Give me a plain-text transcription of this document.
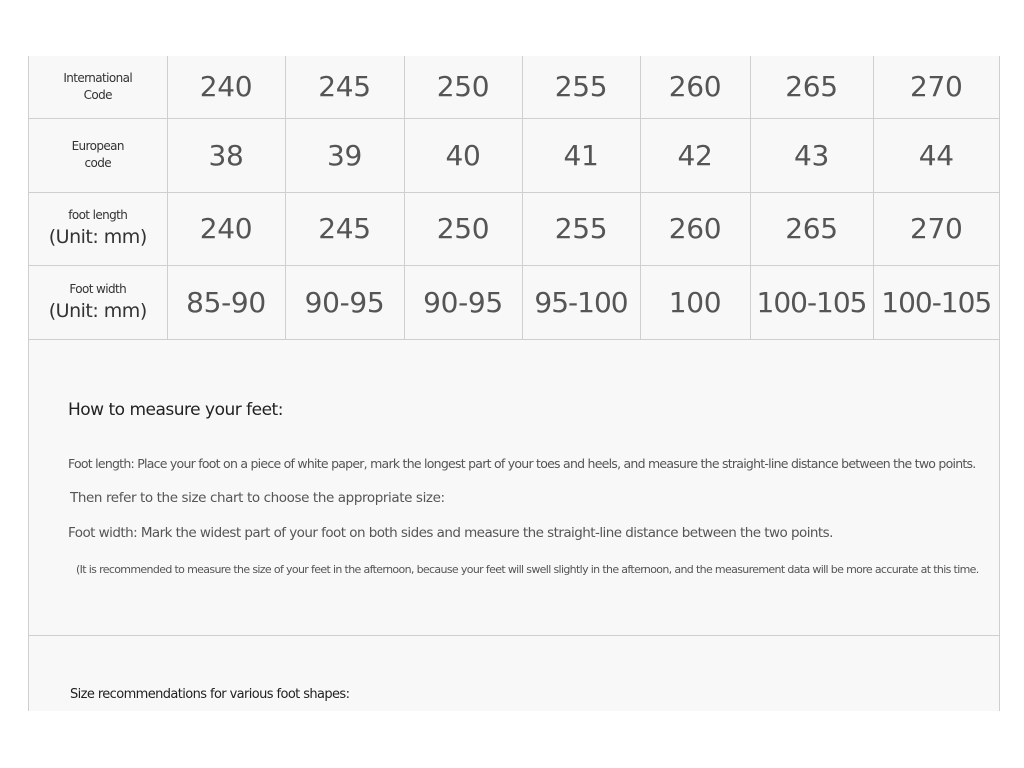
International
Code	240	245	250	255	260	265	270
European
code	38	39	40	41	42	43	44
foot length
(Unit: mm)	240	245	250	255	260	265	270
Foot width
(Unit: mm)	85-90	90-95	90-95	95-100	100	100-105	100-105
How to measure your feet:
Foot length: Place your foot on a piece of white paper, mark the longest part of your toes and heels, and measure the straight-line distance between the two points.
Then refer to the size chart to choose the appropriate size:
Foot width: Mark the widest part of your foot on both sides and measure the straight-line distance between the two points.
(It is recommended to measure the size of your feet in the afternoon, because your feet will swell slightly in the afternoon, and the measurement data will be more accurate at this time.
Size recommendations for various foot shapes:
